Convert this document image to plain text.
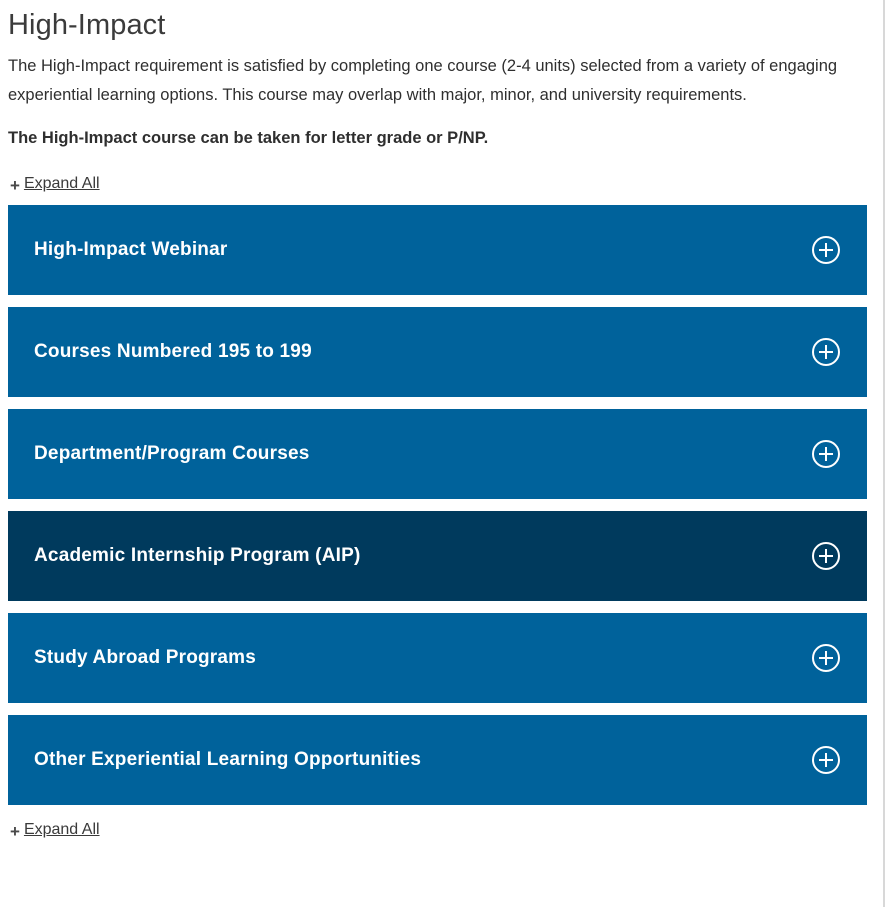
High-Impact

The High-Impact requirement is satisfied by completing one course (2-4 units) selected from a variety of engaging experiential learning options. This course may overlap with major, minor, and university requirements.

The High-Impact course can be taken for letter grade or P/NP.

+ Expand All
High-Impact Webinar
Courses Numbered 195 to 199
Department/Program Courses
Academic Internship Program (AIP)
Study Abroad Programs
Other Experiential Learning Opportunities
+ Expand All
